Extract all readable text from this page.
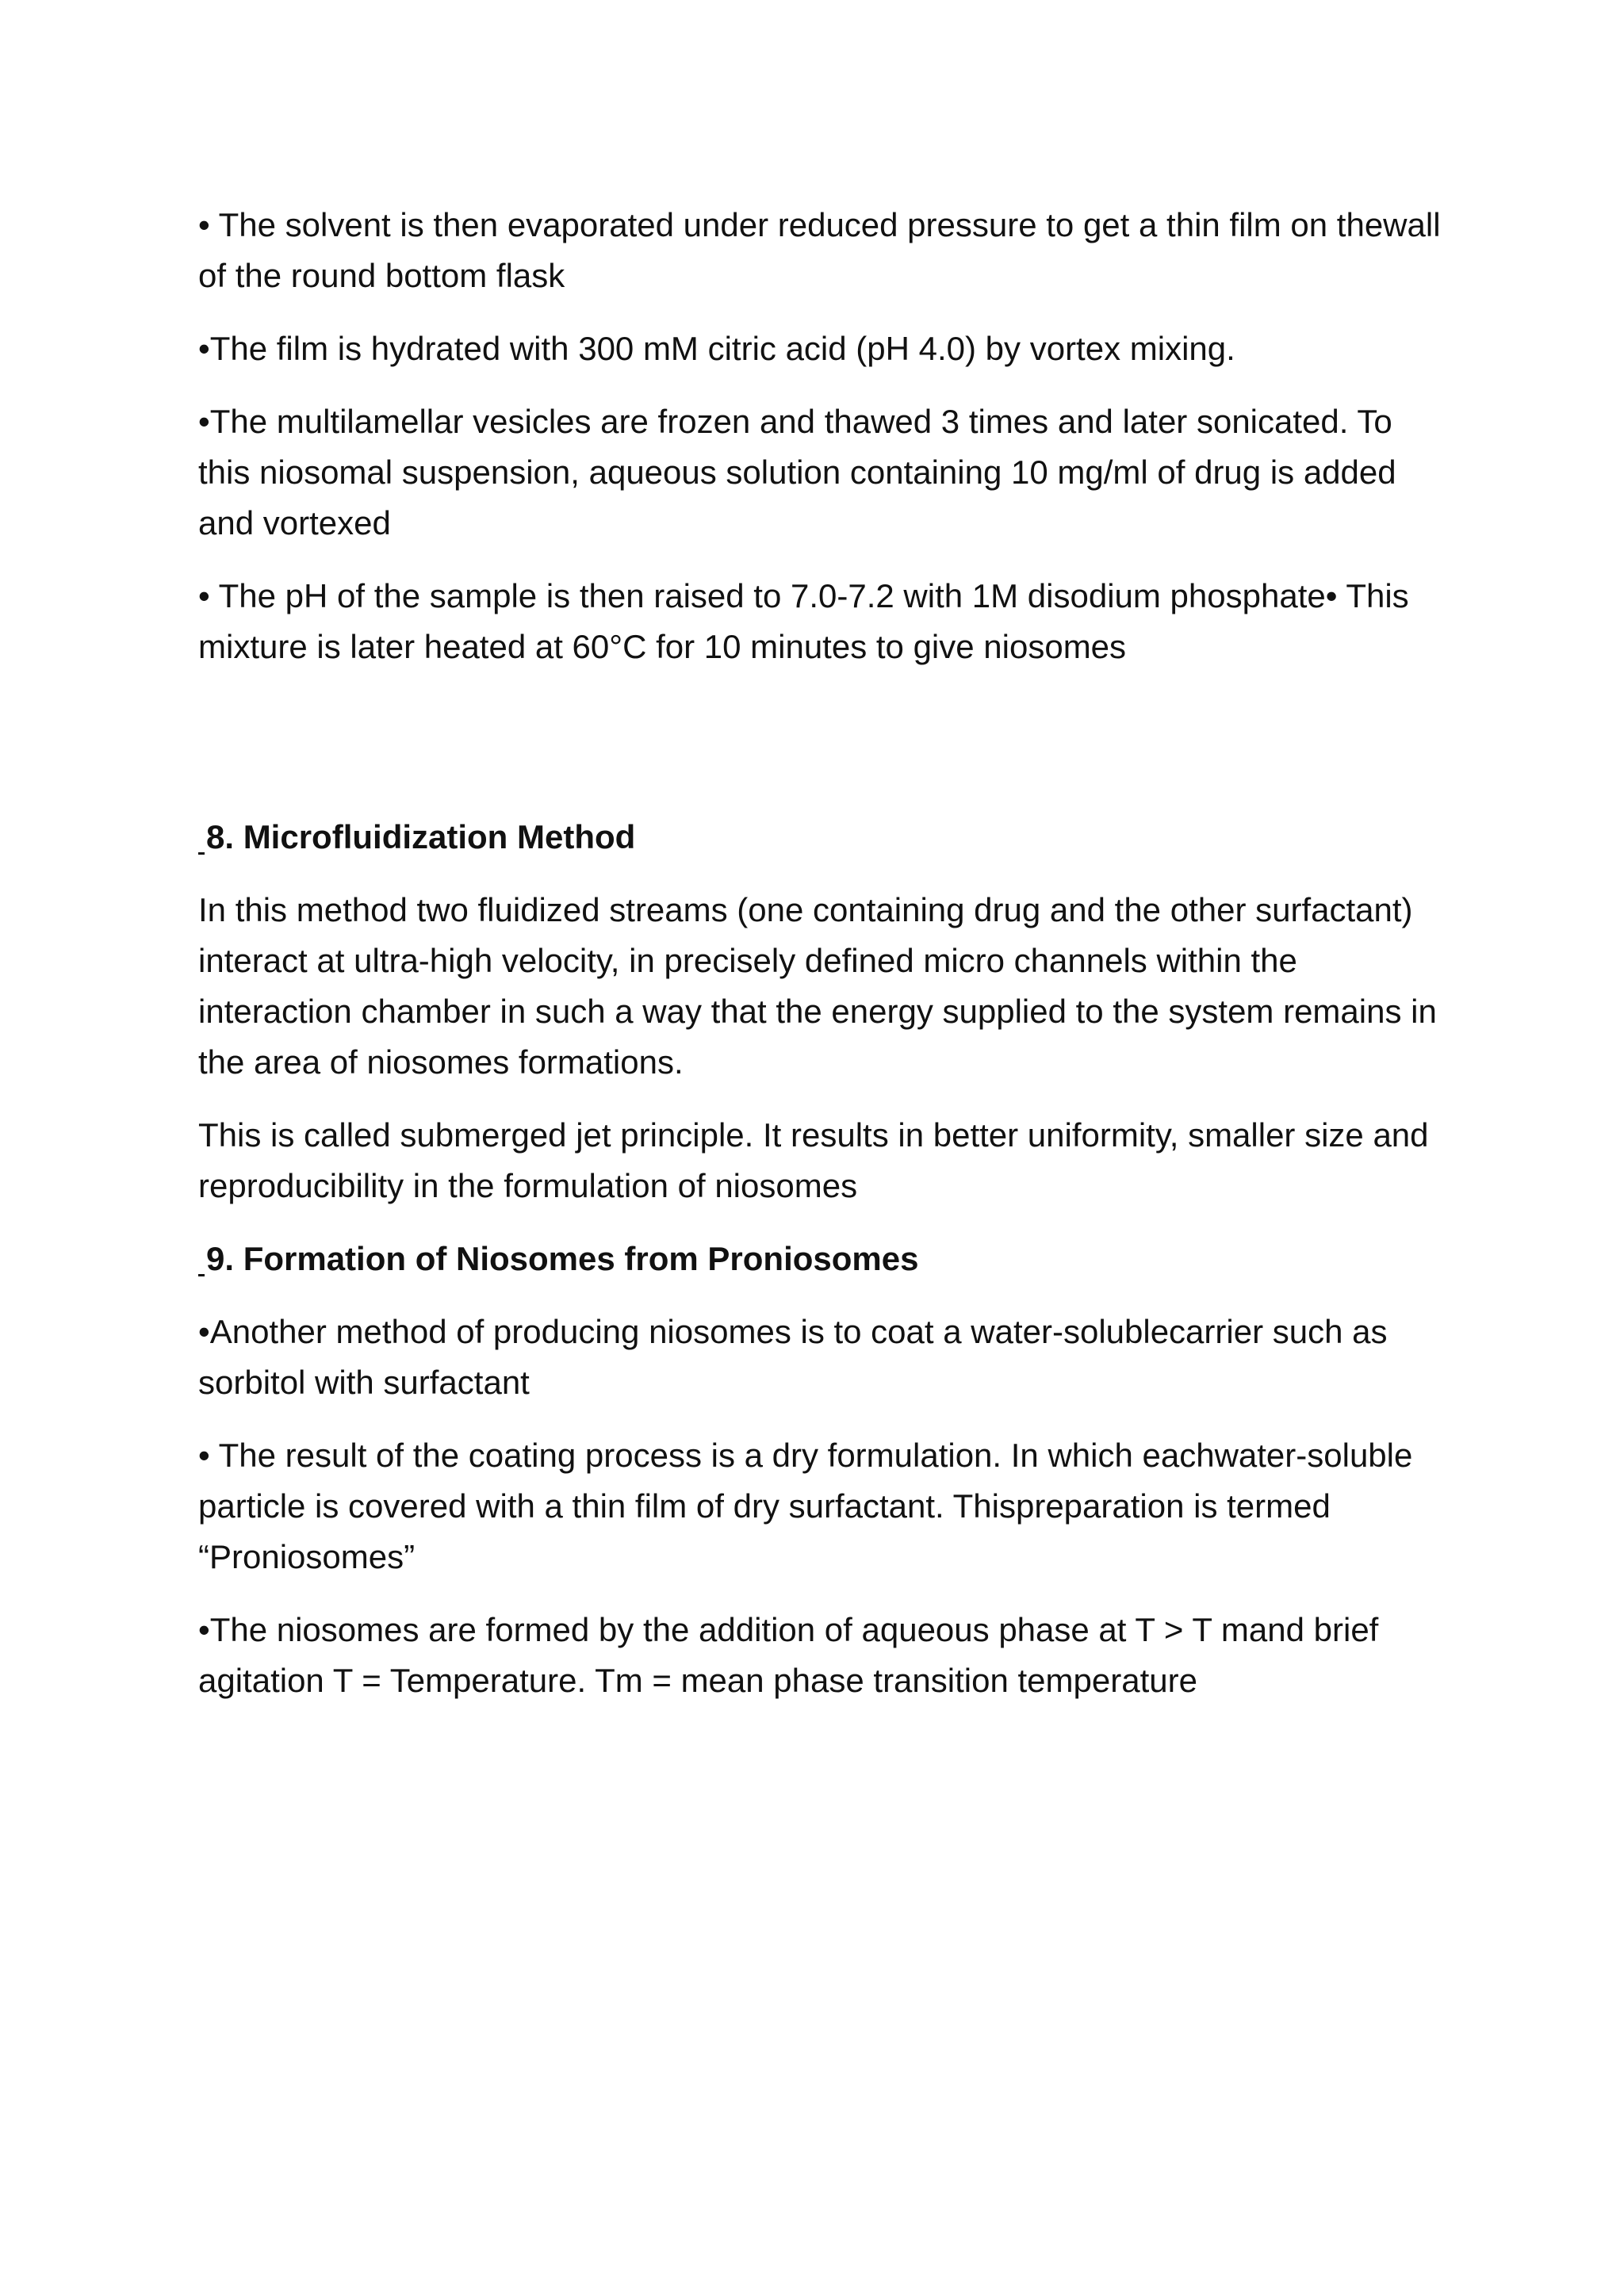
• The solvent is then evaporated under reduced pressure to get a thin film on thewall of the round bottom flask

•The film is hydrated with 300 mM citric acid (pH 4.0) by vortex mixing.

•The multilamellar vesicles are frozen and thawed 3 times and later sonicated. To this niosomal suspension, aqueous solution containing 10 mg/ml of drug is added and vortexed

• The pH of the sample is then raised to 7.0-7.2 with 1M disodium phosphate• This mixture is later heated at 60°C for 10 minutes to give niosomes

8. Microfluidization Method

In this method two fluidized streams (one containing drug and the other surfactant) interact at ultra-high velocity, in precisely defined micro channels within the interaction chamber in such a way that the energy supplied to the system remains in the area of niosomes formations.

This is called submerged jet principle. It results in better uniformity, smaller size and reproducibility in the formulation of niosomes

9. Formation of Niosomes from Proniosomes

•Another method of producing niosomes is to coat a water-solublecarrier such as sorbitol with surfactant

• The result of the coating process is a dry formulation. In which eachwater-soluble particle is covered with a thin film of dry surfactant. Thispreparation is termed “Proniosomes”

•The niosomes are formed by the addition of aqueous phase at T > T mand brief agitation T = Temperature. Tm = mean phase transition temperature
